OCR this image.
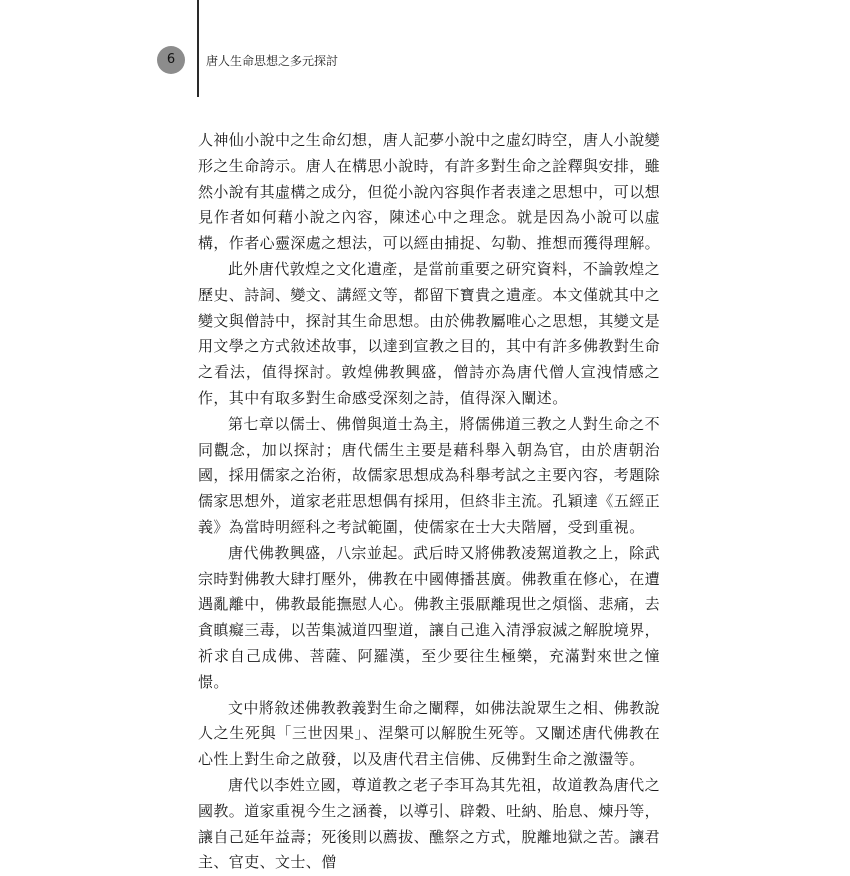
6	唐人生命思想之多元探討

人神仙小說中之生命幻想，唐人記夢小說中之虛幻時空，唐人小說變形之生命誇示。唐人在構思小說時，有許多對生命之詮釋與安排，雖然小說有其虛構之成分，但從小說內容與作者表達之思想中，可以想見作者如何藉小說之內容，陳述心中之理念。就是因為小說可以虛構，作者心靈深處之想法，可以經由捕捉、勾勒、推想而獲得理解。

此外唐代敦煌之文化遺產，是當前重要之研究資料，不論敦煌之歷史、詩詞、變文、講經文等，都留下寶貴之遺產。本文僅就其中之變文與僧詩中，探討其生命思想。由於佛教屬唯心之思想，其變文是用文學之方式敘述故事，以達到宣教之目的，其中有許多佛教對生命之看法，值得探討。敦煌佛教興盛，僧詩亦為唐代僧人宣洩情感之作，其中有取多對生命感受深刻之詩，值得深入闡述。

第七章以儒士、佛僧與道士為主，將儒佛道三教之人對生命之不同觀念，加以探討；唐代儒生主要是藉科舉入朝為官，由於唐朝治國，採用儒家之治術，故儒家思想成為科舉考試之主要內容，考題除儒家思想外，道家老莊思想偶有採用，但終非主流。孔穎達《五經正義》為當時明經科之考試範圍，使儒家在士大夫階層，受到重視。

唐代佛教興盛，八宗並起。武后時又將佛教凌駕道教之上，除武宗時對佛教大肆打壓外，佛教在中國傳播甚廣。佛教重在修心，在遭遇亂離中，佛教最能撫慰人心。佛教主張厭離現世之煩惱、悲痛，去貪瞋癡三毒，以苦集滅道四聖道，讓自己進入清淨寂滅之解脫境界，祈求自己成佛、菩薩、阿羅漢，至少要往生極樂，充滿對來世之憧憬。

文中將敘述佛教教義對生命之闡釋，如佛法說眾生之相、佛教說人之生死與「三世因果」、涅槃可以解脫生死等。又闡述唐代佛教在心性上對生命之啟發，以及唐代君主信佛、反佛對生命之激盪等。

唐代以李姓立國，尊道教之老子李耳為其先祖，故道教為唐代之國教。道家重視今生之涵養，以導引、辟穀、吐納、胎息、煉丹等，讓自己延年益壽；死後則以薦拔、醮祭之方式，脫離地獄之苦。讓君主、官吏、文士、僧
